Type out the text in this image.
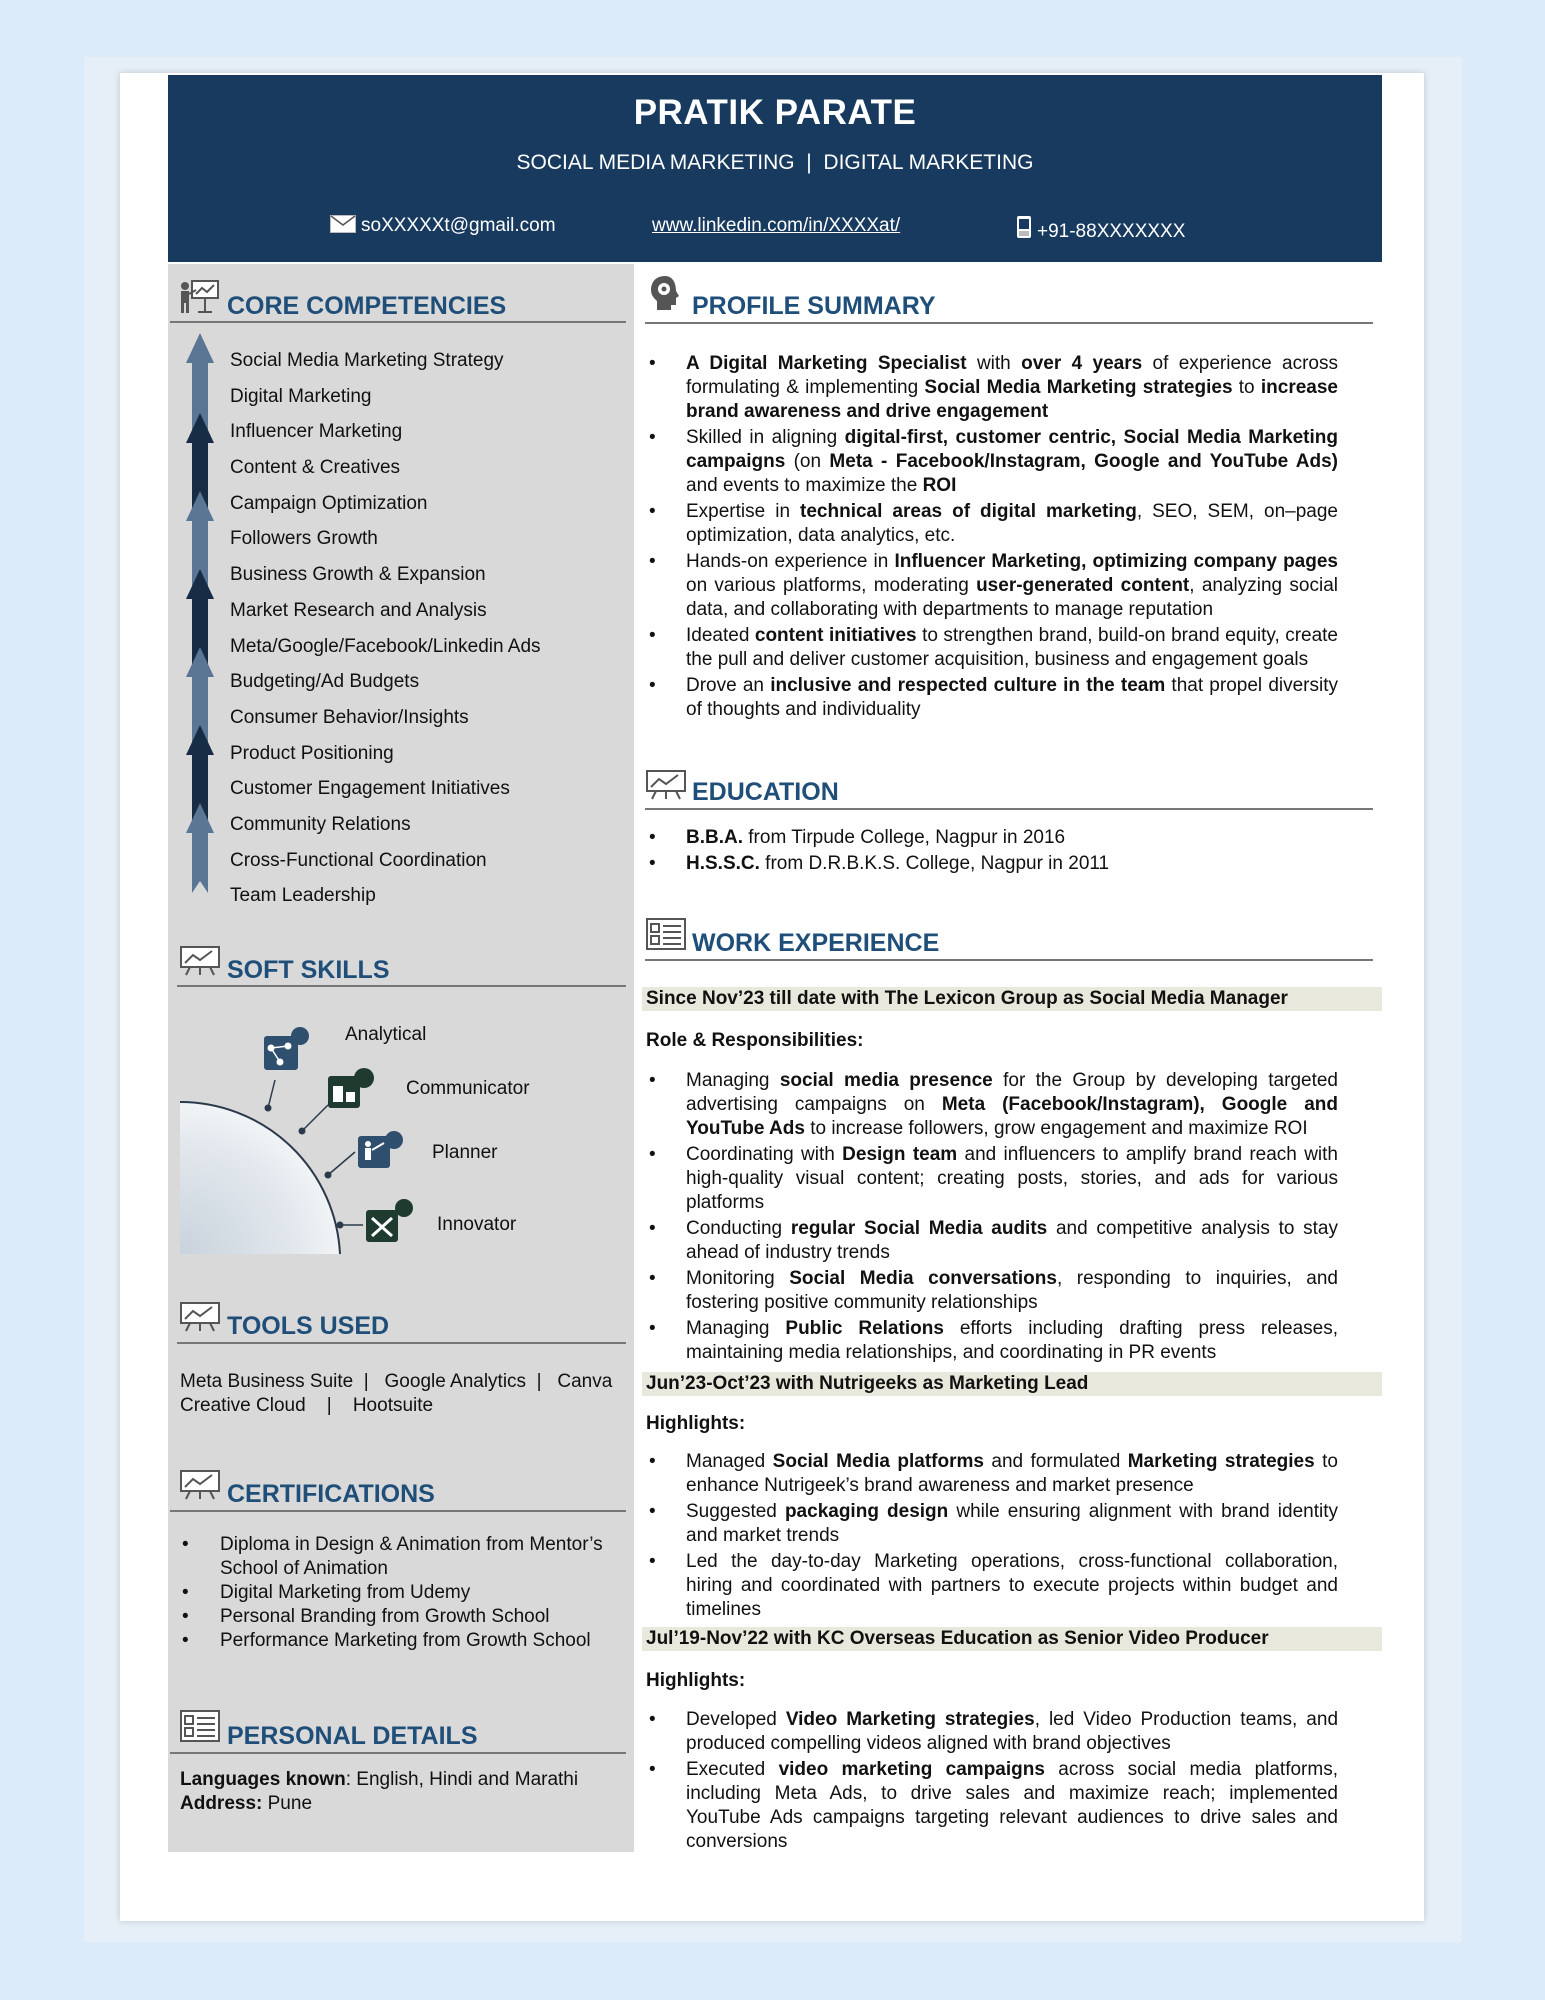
PRATIK PARATE
SOCIAL MEDIA MARKETING  |  DIGITAL MARKETING
soXXXXXt@gmail.com	www.linkedin.com/in/XXXXat/	+91-88XXXXXXX
CORE COMPETENCIES
Social Media Marketing Strategy
Digital Marketing
Influencer Marketing
Content & Creatives
Campaign Optimization
Followers Growth
Business Growth & Expansion
Market Research and Analysis
Meta/Google/Facebook/Linkedin Ads
Budgeting/Ad Budgets
Consumer Behavior/Insights
Product Positioning
Customer Engagement Initiatives
Community Relations
Cross-Functional Coordination
Team Leadership
SOFT SKILLS
Analytical
Communicator
Planner
Innovator
TOOLS USED
Meta Business Suite  |   Google Analytics  |   Canva
Creative Cloud    |    Hootsuite
CERTIFICATIONS
• Diploma in Design & Animation from Mentor’s School of Animation
• Digital Marketing from Udemy
• Personal Branding from Growth School
• Performance Marketing from Growth School
PERSONAL DETAILS
Languages known: English, Hindi and Marathi
Address: Pune
PROFILE SUMMARY
• A Digital Marketing Specialist with over 4 years of experience across formulating & implementing Social Media Marketing strategies to increase brand awareness and drive engagement
• Skilled in aligning digital-first, customer centric, Social Media Marketing campaigns (on Meta - Facebook/Instagram, Google and YouTube Ads) and events to maximize the ROI
• Expertise in technical areas of digital marketing, SEO, SEM, on–page optimization, data analytics, etc.
• Hands-on experience in Influencer Marketing, optimizing company pages on various platforms, moderating user-generated content, analyzing social data, and collaborating with departments to manage reputation
• Ideated content initiatives to strengthen brand, build-on brand equity, create the pull and deliver customer acquisition, business and engagement goals
• Drove an inclusive and respected culture in the team that propel diversity of thoughts and individuality
EDUCATION
• B.B.A. from Tirpude College, Nagpur in 2016
• H.S.S.C. from D.R.B.K.S. College, Nagpur in 2011
WORK EXPERIENCE
Since Nov’23 till date with The Lexicon Group as Social Media Manager
Role & Responsibilities:
• Managing social media presence for the Group by developing targeted advertising campaigns on Meta (Facebook/Instagram), Google and YouTube Ads to increase followers, grow engagement and maximize ROI
• Coordinating with Design team and influencers to amplify brand reach with high-quality visual content; creating posts, stories, and ads for various platforms
• Conducting regular Social Media audits and competitive analysis to stay ahead of industry trends
• Monitoring Social Media conversations, responding to inquiries, and fostering positive community relationships
• Managing Public Relations efforts including drafting press releases, maintaining media relationships, and coordinating in PR events
Jun’23-Oct’23 with Nutrigeeks as Marketing Lead
Highlights:
• Managed Social Media platforms and formulated Marketing strategies to enhance Nutrigeek’s brand awareness and market presence
• Suggested packaging design while ensuring alignment with brand identity and market trends
• Led the day-to-day Marketing operations, cross-functional collaboration, hiring and coordinated with partners to execute projects within budget and timelines
Jul’19-Nov’22 with KC Overseas Education as Senior Video Producer
Highlights:
• Developed Video Marketing strategies, led Video Production teams, and produced compelling videos aligned with brand objectives
• Executed video marketing campaigns across social media platforms, including Meta Ads, to drive sales and maximize reach; implemented YouTube Ads campaigns targeting relevant audiences to drive sales and conversions
